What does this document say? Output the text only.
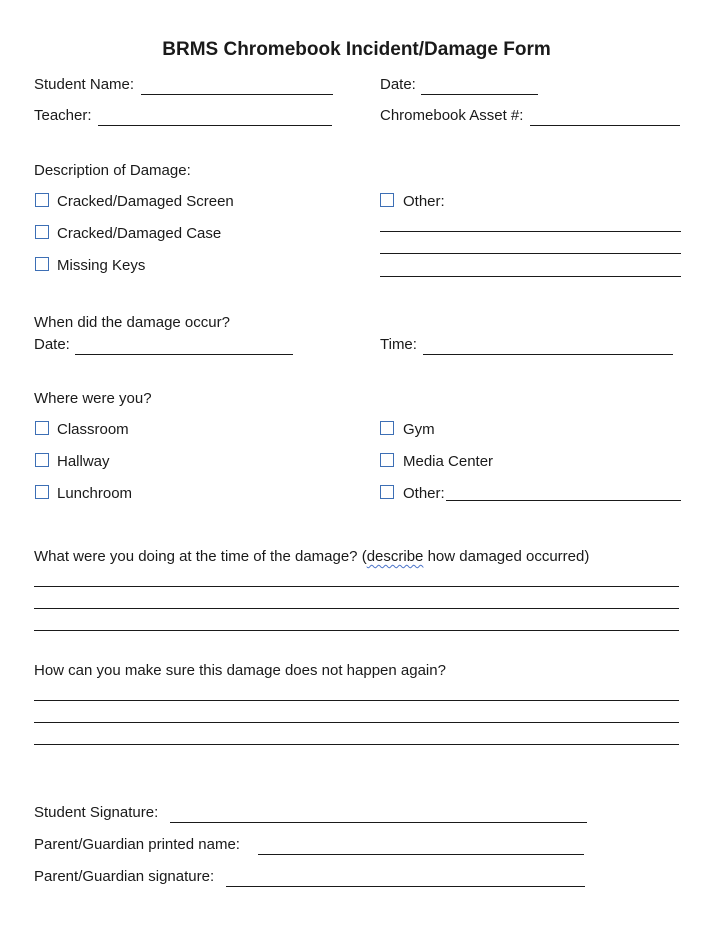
BRMS Chromebook Incident/Damage Form
Student Name:	Date:
Teacher:	Chromebook Asset #:
Description of Damage:
Cracked/Damaged Screen
Cracked/Damaged Case
Missing Keys
Other:
When did the damage occur?
Date:	Time:
Where were you?
Classroom
Hallway
Lunchroom
Gym
Media Center
Other:
What were you doing at the time of the damage? (describe how damaged occurred)
How can you make sure this damage does not happen again?
Student Signature:
Parent/Guardian printed name:
Parent/Guardian signature:
